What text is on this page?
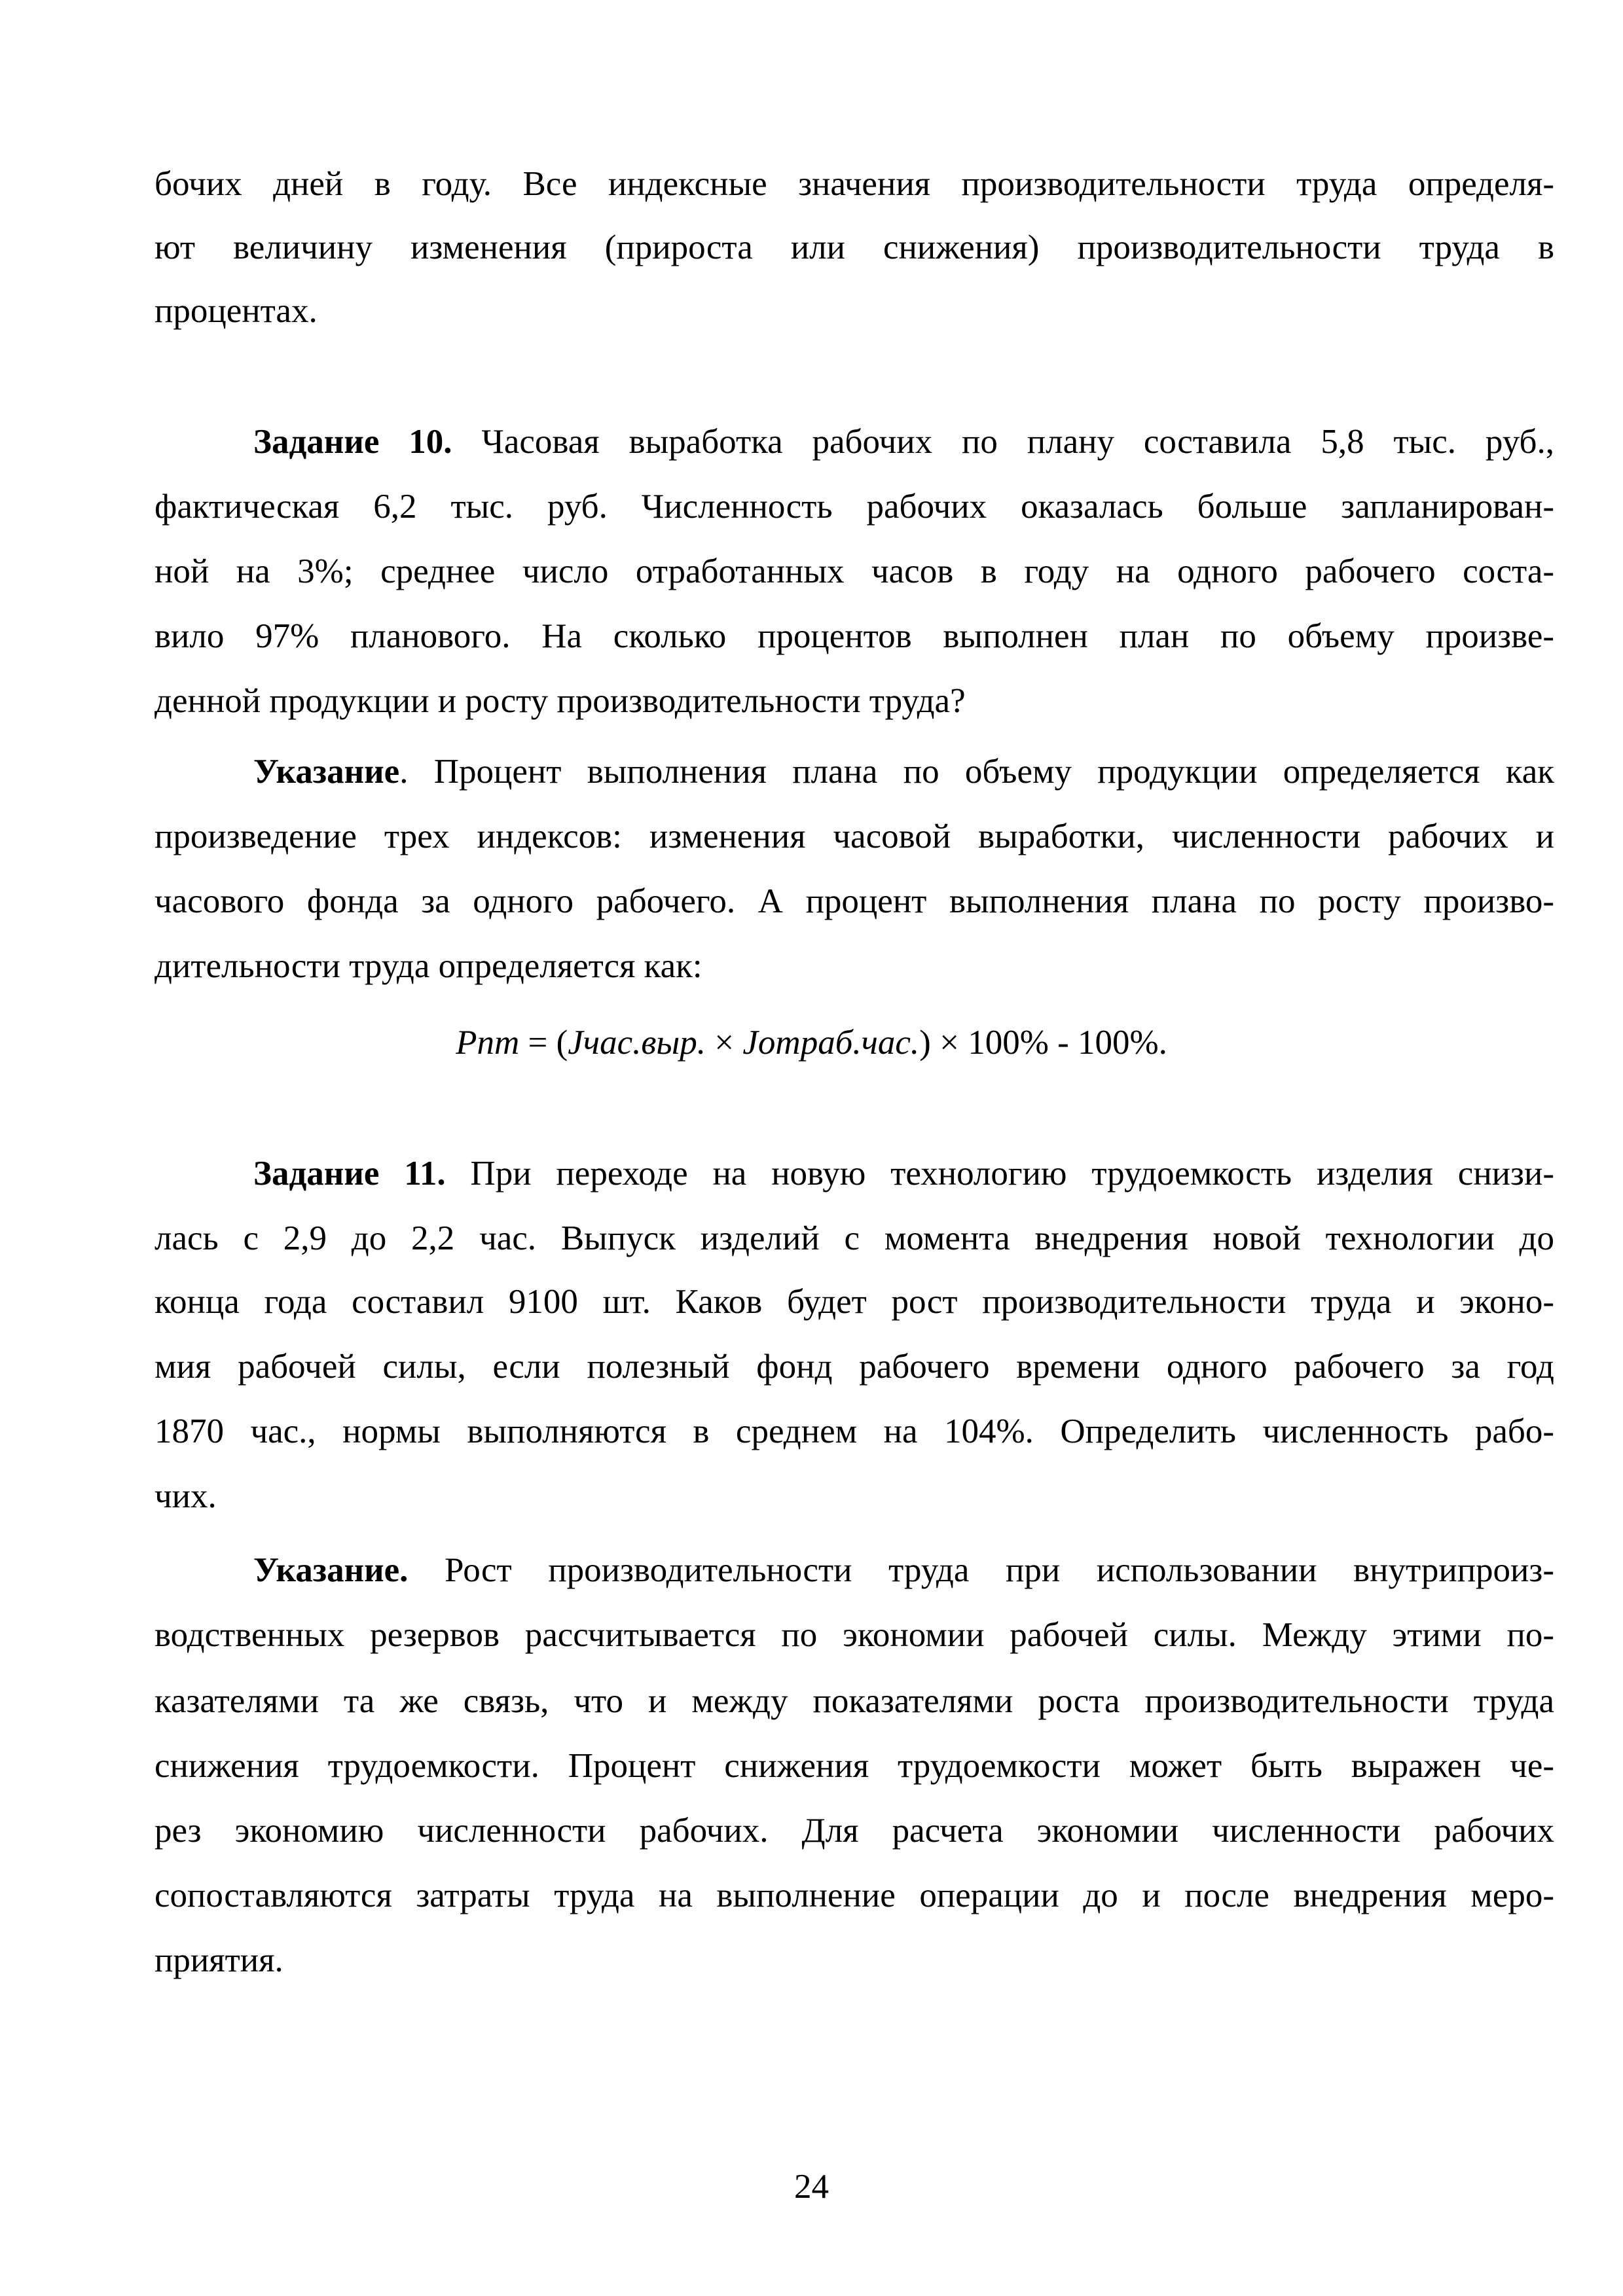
Рпт = (Jчас.выр. × Jотраб.час.) × 100% - 100%.
24
бочих дней в году. Все индексные значения производительности труда определя-
ют величину изменения (прироста или снижения) производительности труда в
процентах.
Задание 10. Часовая выработка рабочих по плану составила 5,8 тыс. руб.,
фактическая 6,2 тыс. руб. Численность рабочих оказалась больше запланирован-
ной на 3%; среднее число отработанных часов в году на одного рабочего соста-
вило 97% планового. На сколько процентов выполнен план по объему произве-
денной продукции и росту производительности труда?
Указание. Процент выполнения плана по объему продукции определяется как
произведение трех индексов: изменения часовой выработки, численности рабочих и
часового фонда за одного рабочего. А процент выполнения плана по росту произво-
дительности труда определяется как:
Задание 11. При переходе на новую технологию трудоемкость изделия снизи-
лась с 2,9 до 2,2 час. Выпуск изделий с момента внедрения новой технологии до
конца года составил 9100 шт. Каков будет рост производительности труда и эконо-
мия рабочей силы, если полезный фонд рабочего времени одного рабочего за год
1870 час., нормы выполняются в среднем на 104%. Определить численность рабо-
чих.
Указание. Рост производительности труда при использовании внутрипроиз-
водственных резервов рассчитывается по экономии рабочей силы. Между этими по-
казателями та же связь, что и между показателями роста производительности труда
снижения трудоемкости. Процент снижения трудоемкости может быть выражен че-
рез экономию численности рабочих. Для расчета экономии численности рабочих
сопоставляются затраты труда на выполнение операции до и после внедрения меро-
приятия.
